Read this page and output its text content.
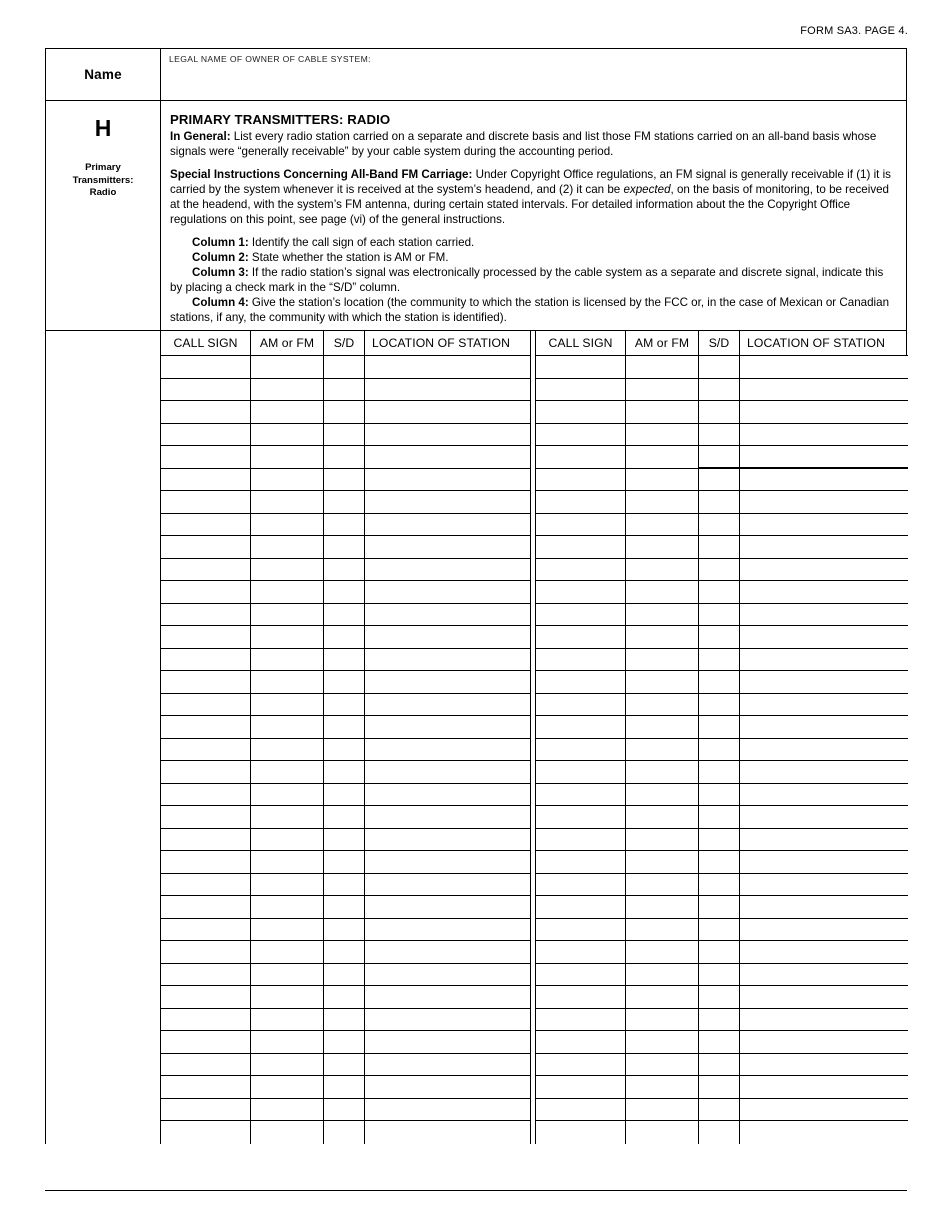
FORM SA3. PAGE 4.
Name
LEGAL NAME OF OWNER OF CABLE SYSTEM:
H
Primary
Transmitters:
Radio
PRIMARY TRANSMITTERS: RADIO

In General: List every radio station carried on a separate and discrete basis and list those FM stations carried on an all-band basis whose signals were “generally receivable” by your cable system during the accounting period.

Special Instructions Concerning All-Band FM Carriage: Under Copyright Office regulations, an FM signal is generally receivable if (1) it is carried by the system whenever it is received at the system’s headend, and (2) it can be expected, on the basis of monitoring, to be received at the headend, with the system’s FM antenna, during certain stated intervals. For detailed information about the the Copyright Office regulations on this point, see page (vi) of the general instructions.

Column 1: Identify the call sign of each station carried.

Column 2: State whether the station is AM or FM.

Column 3: If the radio station’s signal was electronically processed by the cable system as a separate and discrete signal, indicate this by placing a check mark in the “S/D” column.

Column 4: Give the station’s location (the community to which the station is licensed by the FCC or, in the case of Mexican or Canadian stations, if any, the community with which the station is identified).

CALL SIGN	AM or FM	S/D	LOCATION OF STATION	CALL SIGN	AM or FM	S/D	LOCATION OF STATION
